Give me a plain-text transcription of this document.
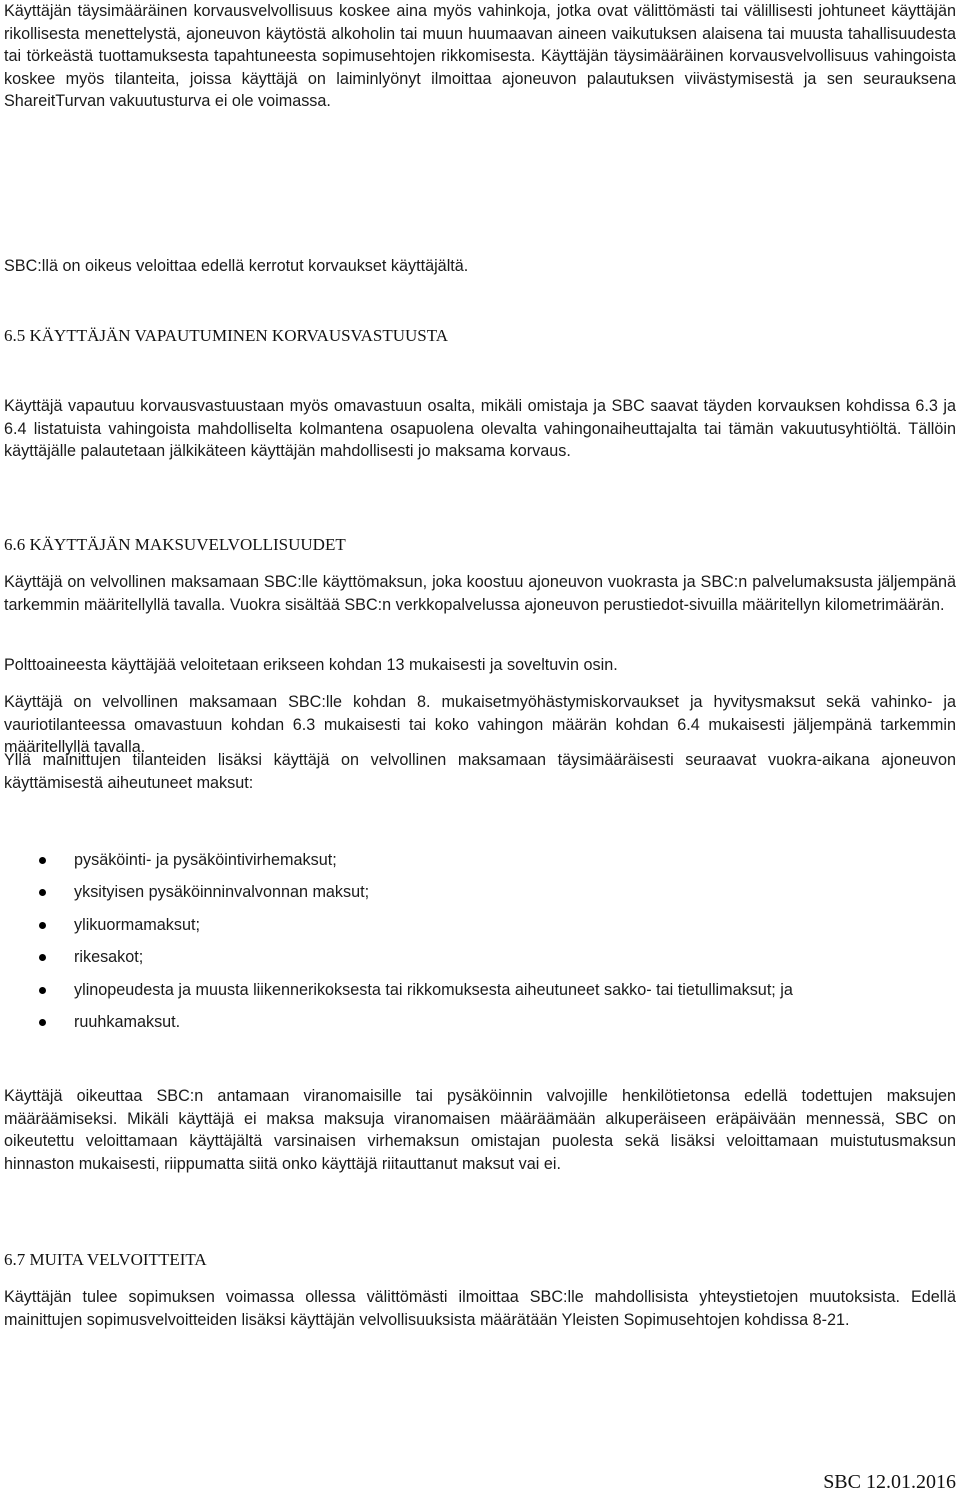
Käyttäjän täysimääräinen korvausvelvollisuus koskee aina myös vahinkoja, jotka ovat välittömästi tai välillisesti johtuneet käyttäjän rikollisesta menettelystä, ajoneuvon käytöstä alkoholin tai muun huumaavan aineen vaikutuksen alaisena tai muusta tahallisuudesta tai törkeästä tuottamuksesta tapahtuneesta sopimusehtojen rikkomisesta. Käyttäjän täysimääräinen korvausvelvollisuus vahingoista koskee myös tilanteita, joissa käyttäjä on laiminlyönyt ilmoittaa ajoneuvon palautuksen viivästymisestä ja sen seurauksena ShareitTurvan vakuutusturva ei ole voimassa.

SBC:llä on oikeus veloittaa edellä kerrotut korvaukset käyttäjältä.

6.5 KÄYTTÄJÄN VAPAUTUMINEN KORVAUSVASTUUSTA

Käyttäjä vapautuu korvausvastuustaan myös omavastuun osalta, mikäli omistaja ja SBC saavat täyden korvauksen kohdissa 6.3 ja 6.4 listatuista vahingoista mahdolliselta kolmantena osapuolena olevalta vahingonaiheuttajalta tai tämän vakuutusyhtiöltä. Tällöin käyttäjälle palautetaan jälkikäteen käyttäjän mahdollisesti jo maksama korvaus.

6.6 KÄYTTÄJÄN MAKSUVELVOLLISUUDET

Käyttäjä on velvollinen maksamaan SBC:lle käyttömaksun, joka koostuu ajoneuvon vuokrasta ja SBC:n palvelumaksusta jäljempänä tarkemmin määritellyllä tavalla. Vuokra sisältää SBC:n verkkopalvelussa ajoneuvon perustiedot-sivuilla määritellyn kilometrimäärän.

Polttoaineesta käyttäjää veloitetaan erikseen kohdan 13 mukaisesti ja soveltuvin osin.

Käyttäjä on velvollinen maksamaan SBC:lle kohdan 8. mukaisetmyöhästymiskorvaukset ja hyvitysmaksut sekä vahinko- ja vauriotilanteessa omavastuun kohdan 6.3 mukaisesti tai koko vahingon määrän kohdan 6.4 mukaisesti jäljempänä tarkemmin määritellyllä tavalla.

Yllä mainittujen tilanteiden lisäksi käyttäjä on velvollinen maksamaan täysimääräisesti seuraavat vuokra-aikana ajoneuvon käyttämisestä aiheutuneet maksut:

pysäköinti- ja pysäköintivirhemaksut;
yksityisen pysäköinninvalvonnan maksut;
ylikuormamaksut;
rikesakot;
ylinopeudesta ja muusta liikennerikoksesta tai rikkomuksesta aiheutuneet sakko- tai tietullimaksut; ja
ruuhkamaksut.

Käyttäjä oikeuttaa SBC:n antamaan viranomaisille tai pysäköinnin valvojille henkilötietonsa edellä todettujen maksujen määräämiseksi. Mikäli käyttäjä ei maksa maksuja viranomaisen määräämään alkuperäiseen eräpäivään mennessä, SBC on oikeutettu veloittamaan käyttäjältä varsinaisen virhemaksun omistajan puolesta sekä lisäksi veloittamaan muistutusmaksun hinnaston mukaisesti, riippumatta siitä onko käyttäjä riitauttanut maksut vai ei.

6.7 MUITA VELVOITTEITA

Käyttäjän tulee sopimuksen voimassa ollessa välittömästi ilmoittaa SBC:lle mahdollisista yhteystietojen muutoksista. Edellä mainittujen sopimusvelvoitteiden lisäksi käyttäjän velvollisuuksista määrätään Yleisten Sopimusehtojen kohdissa 8-21.

SBC 12.01.2016
